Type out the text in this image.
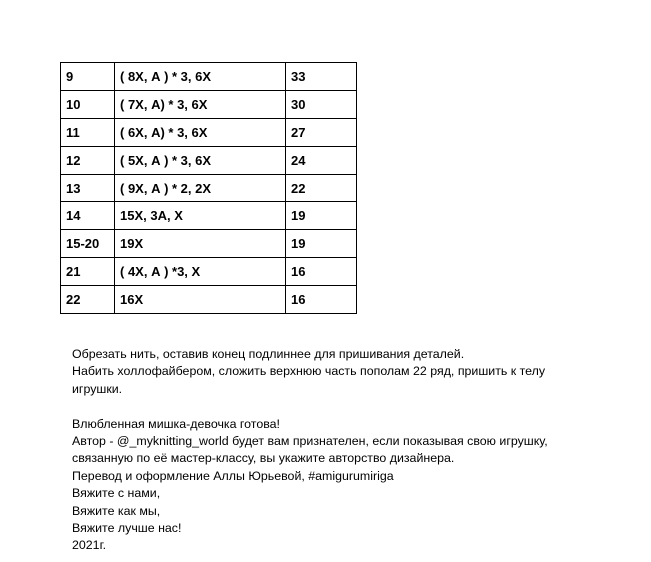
9	( 8Х, А ) * 3, 6Х	33
10	( 7Х, А) * 3, 6Х	30
11	( 6Х, А) * 3, 6Х	27
12	( 5Х, А ) * 3, 6Х	24
13	( 9Х, А ) * 2, 2Х	22
14	15Х, 3А, Х	19
15-20	19Х	19
21	( 4Х, А ) *3, Х	16
22	16Х	16

Обрезать нить, оставив конец подлиннее для пришивания деталей.

Набить холлофайбером, сложить верхнюю часть пополам 22 ряд, пришить к телу игрушки.

Влюбленная мишка-девочка готова!

Автор - @_myknitting_world будет вам признателен, если показывая свою игрушку, связанную по её мастер-классу, вы укажите авторство дизайнера.

Перевод и оформление Аллы Юрьевой, #amigurumiriga

Вяжите с нами,

Вяжите как мы,

Вяжите лучше нас!

2021г.
